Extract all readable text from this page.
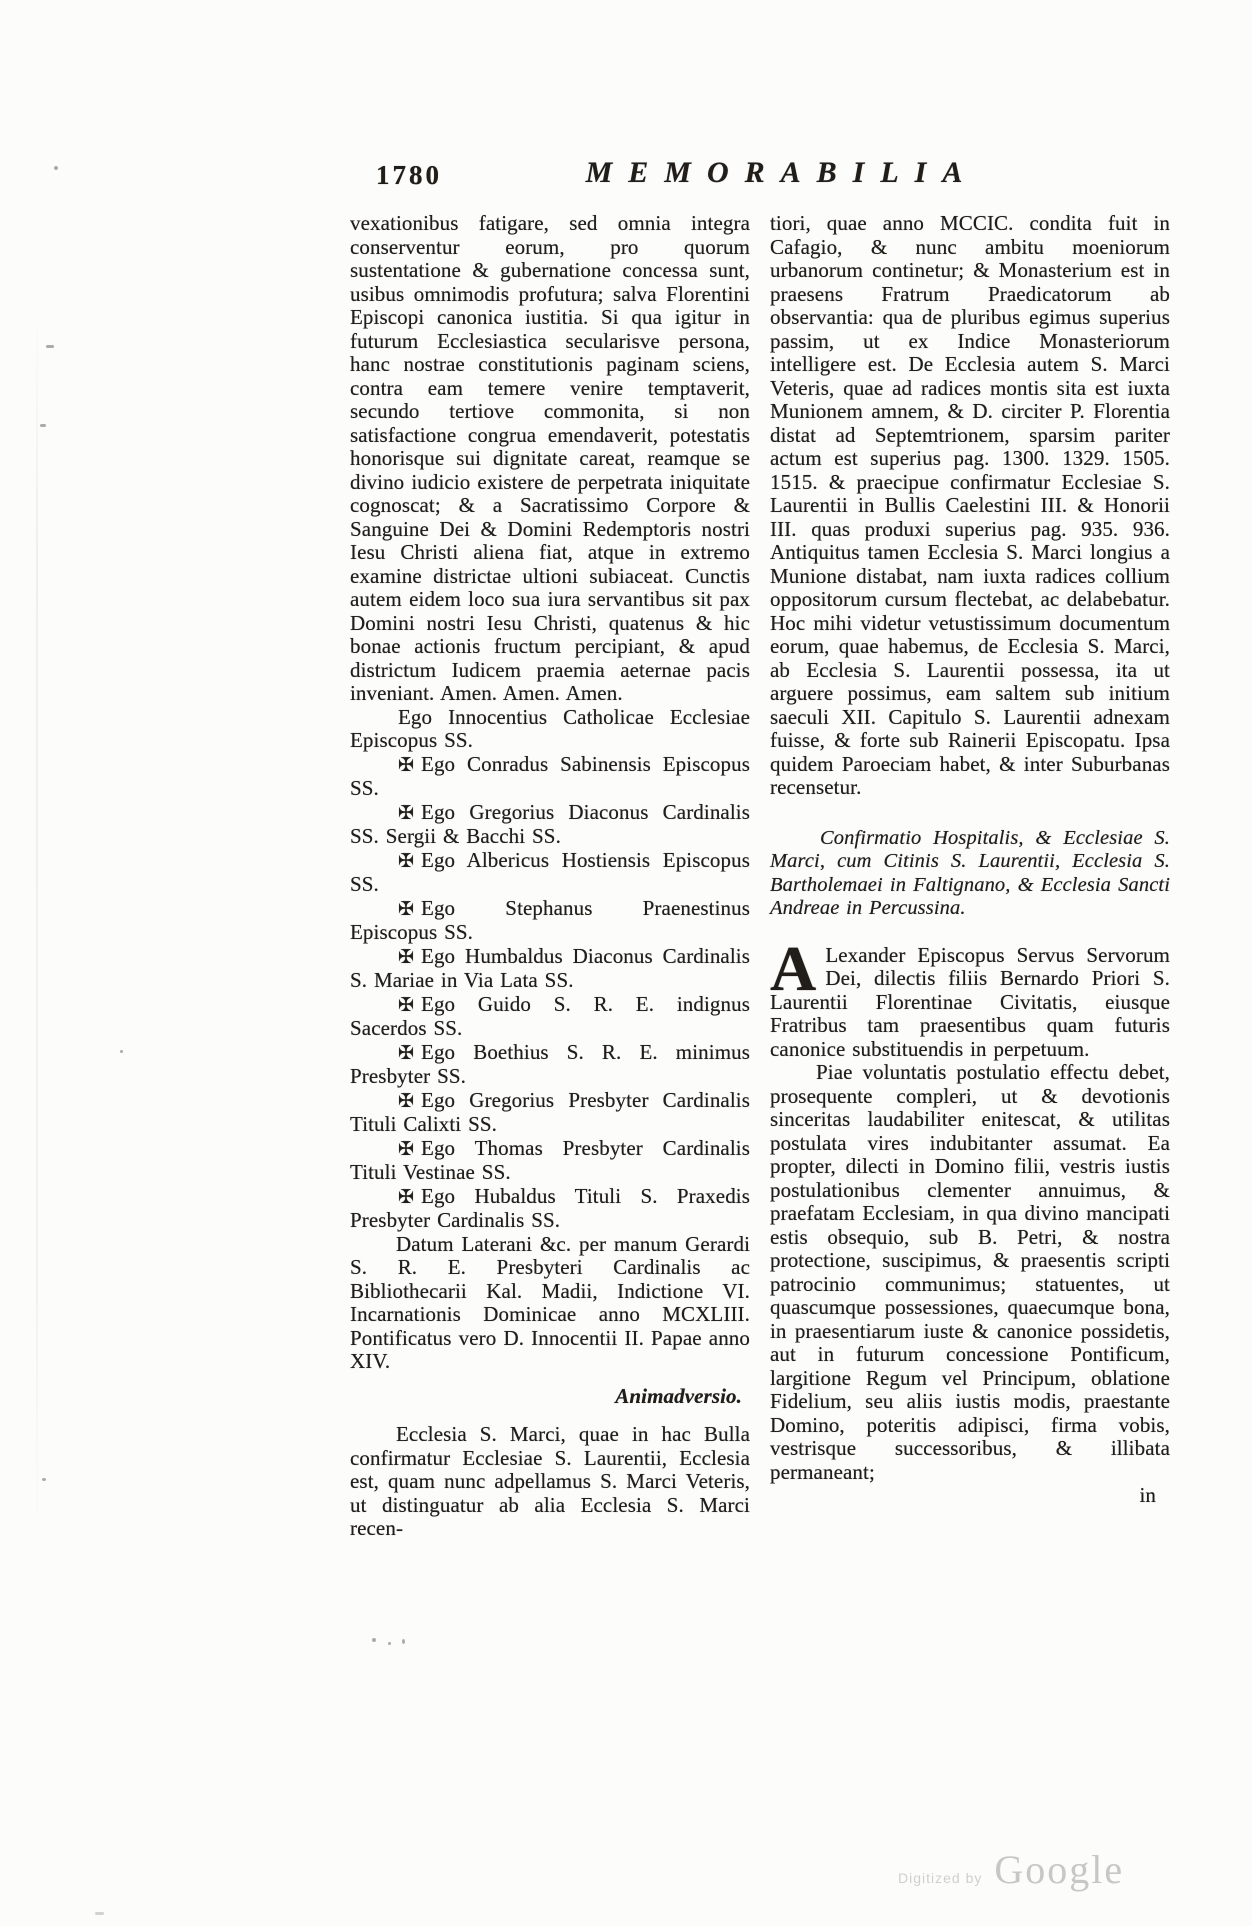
1780	MEMORABILIA

vexationibus fatigare, sed omnia integra conserventur eorum, pro quorum sustentatione & gubernatione concessa sunt, usibus omnimodis profutura; salva Florentini Episcopi canonica iustitia. Si qua igitur in futurum Ecclesiastica secularisve persona, hanc nostrae constitutionis paginam sciens, contra eam temere venire temptaverit, secundo tertiove commonita, si non satisfactione congrua emendaverit, potestatis honorisque sui dignitate careat, reamque se divino iudicio existere de perpetrata iniquitate cognoscat; & a Sacratissimo Corpore & Sanguine Dei & Domini Redemptoris nostri Iesu Christi aliena fiat, atque in extremo examine districtae ultioni subiaceat. Cunctis autem eidem loco sua iura servantibus sit pax Domini nostri Iesu Christi, quatenus & hic bonae actionis fructum percipiant, & apud districtum Iudicem praemia aeternae pacis inveniant. Amen. Amen. Amen.

Ego Innocentius Catholicae Ecclesiae Episcopus SS.
✠ Ego Conradus Sabinensis Episcopus SS.
✠ Ego Gregorius Diaconus Cardinalis SS. Sergii & Bacchi SS.
✠ Ego Albericus Hostiensis Episcopus SS.
✠ Ego Stephanus Praenestinus Episcopus SS.
✠ Ego Humbaldus Diaconus Cardinalis S. Mariae in Via Lata SS.
✠ Ego Guido S. R. E. indignus Sacerdos SS.
✠ Ego Boethius S. R. E. minimus Presbyter SS.
✠ Ego Gregorius Presbyter Cardinalis Tituli Calixti SS.
✠ Ego Thomas Presbyter Cardinalis Tituli Vestinae SS.
✠ Ego Hubaldus Tituli S. Praxedis Presbyter Cardinalis SS.

Datum Laterani &c. per manum Gerardi S. R. E. Presbyteri Cardinalis ac Bibliothecarii Kal. Madii, Indictione VI. Incarnationis Dominicae anno MCXLIII. Pontificatus vero D. Innocentii II. Papae anno XIV.

Animadversio.

Ecclesia S. Marci, quae in hac Bulla confirmatur Ecclesiae S. Laurentii, Ecclesia est, quam nunc adpellamus S. Marci Veteris, ut distinguatur ab alia Ecclesia S. Marci recen-

tiori, quae anno MCCIC. condita fuit in Cafagio, & nunc ambitu moeniorum urbanorum continetur; & Monasterium est in praesens Fratrum Praedicatorum ab observantia: qua de pluribus egimus superius passim, ut ex Indice Monasteriorum intelligere est. De Ecclesia autem S. Marci Veteris, quae ad radices montis sita est iuxta Munionem amnem, & D. circiter P. Florentia distat ad Septemtrionem, sparsim pariter actum est superius pag. 1300. 1329. 1505. 1515. & praecipue confirmatur Ecclesiae S. Laurentii in Bullis Caelestini III. & Honorii III. quas produxi superius pag. 935. 936. Antiquitus tamen Ecclesia S. Marci longius a Munione distabat, nam iuxta radices collium oppositorum cursum flectebat, ac delabebatur. Hoc mihi videtur vetustissimum documentum eorum, quae habemus, de Ecclesia S. Marci, ab Ecclesia S. Laurentii possessa, ita ut arguere possimus, eam saltem sub initium saeculi XII. Capitulo S. Laurentii adnexam fuisse, & forte sub Rainerii Episcopatu. Ipsa quidem Paroeciam habet, & inter Suburbanas recensetur.

Confirmatio Hospitalis, & Ecclesiae S. Marci, cum Citinis S. Laurentii, Ecclesia S. Bartholemaei in Faltignano, & Ecclesia Sancti Andreae in Percussina.

A Lexander Episcopus Servus Servorum Dei, dilectis filiis Bernardo Priori S. Laurentii Florentinae Civitatis, eiusque Fratribus tam praesentibus quam futuris canonice substituendis in perpetuum.

Piae voluntatis postulatio effectu debet, prosequente compleri, ut & devotionis sinceritas laudabiliter enitescat, & utilitas postulata vires indubitanter assumat. Ea propter, dilecti in Domino filii, vestris iustis postulationibus clementer annuimus, & praefatam Ecclesiam, in qua divino mancipati estis obsequio, sub B. Petri, & nostra protectione, suscipimus, & praesentis scripti patrocinio communimus; statuentes, ut quascumque possessiones, quaecumque bona, in praesentiarum iuste & canonice possidetis, aut in futurum concessione Pontificum, largitione Regum vel Principum, oblatione Fidelium, seu aliis iustis modis, praestante Domino, poteritis adipisci, firma vobis, vestrisque successoribus, & illibata permaneant;

in
Digitized by Google
